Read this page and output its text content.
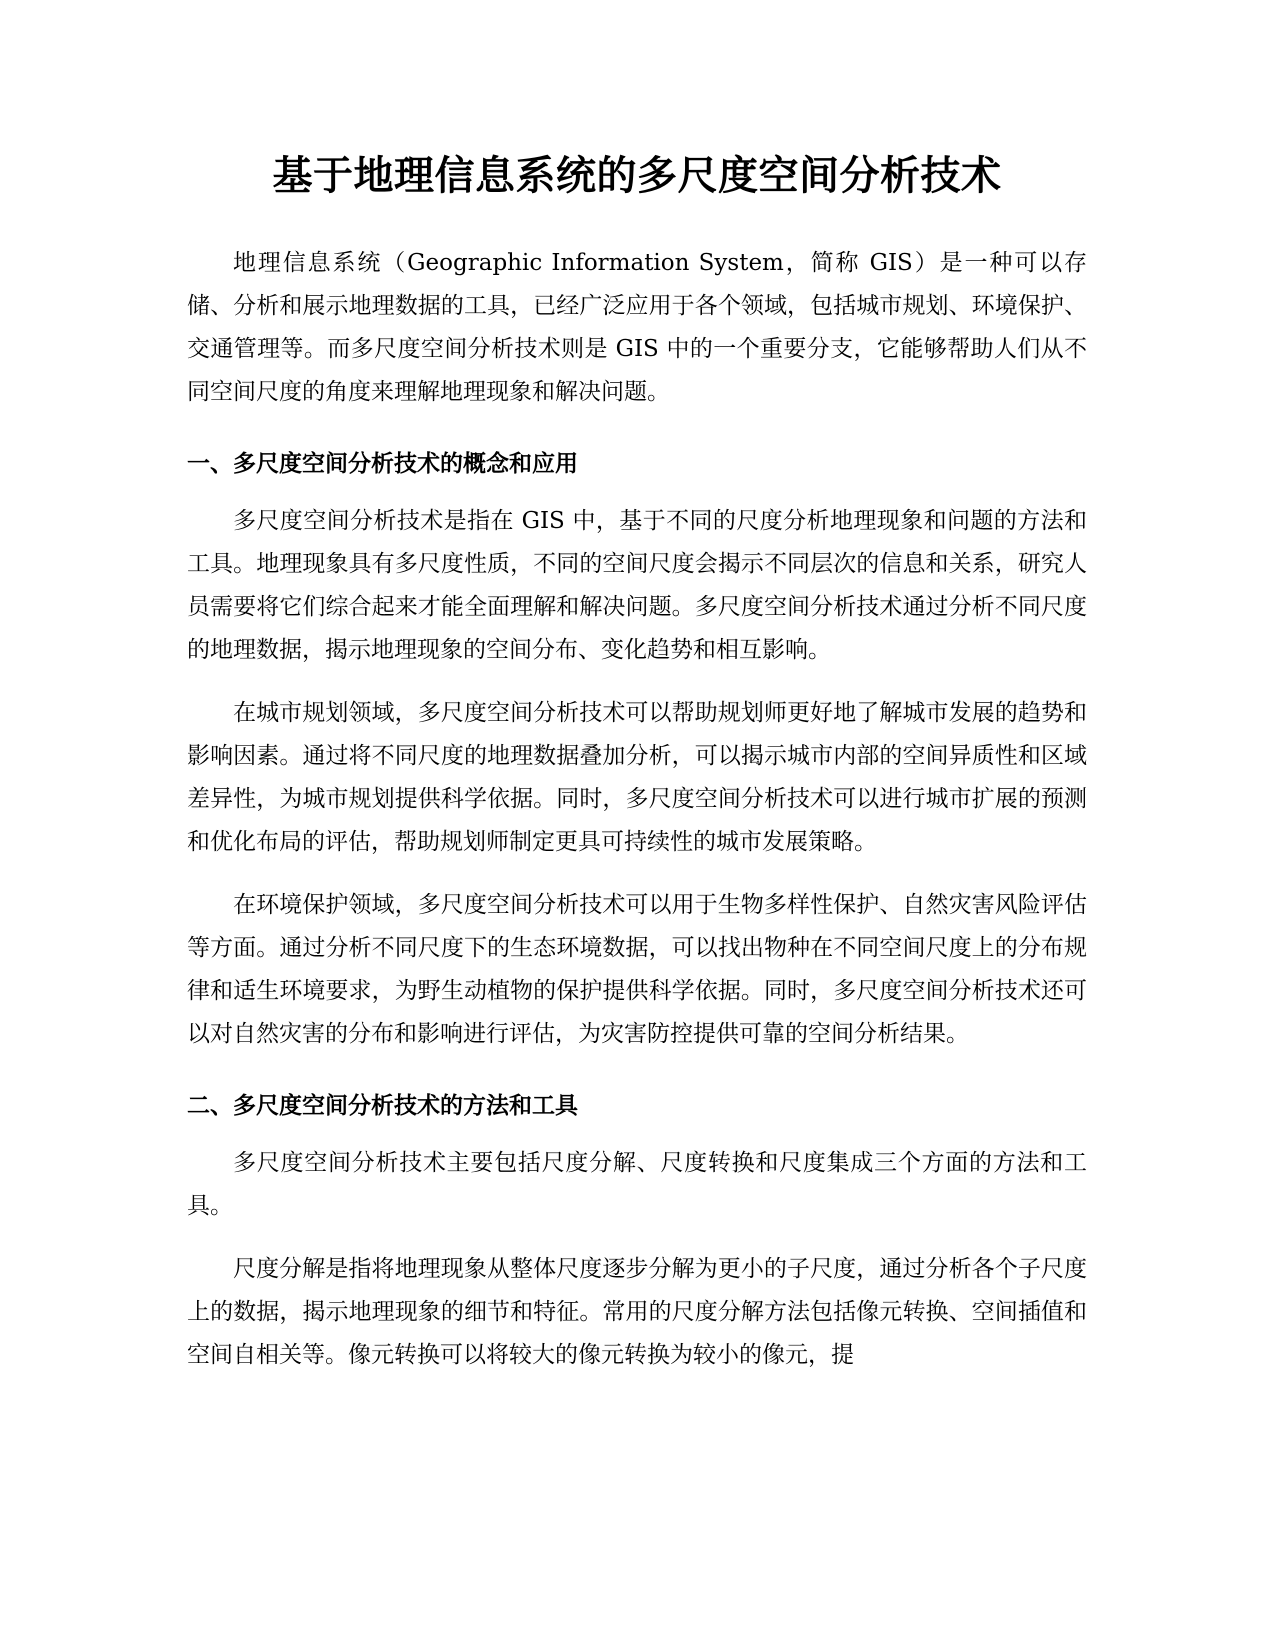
基于地理信息系统的多尺度空间分析技术

地理信息系统（Geographic Information System，简称 GIS）是一种可以存储、分析和展示地理数据的工具，已经广泛应用于各个领域，包括城市规划、环境保护、交通管理等。而多尺度空间分析技术则是 GIS 中的一个重要分支，它能够帮助人们从不同空间尺度的角度来理解地理现象和解决问题。

一、多尺度空间分析技术的概念和应用

多尺度空间分析技术是指在 GIS 中，基于不同的尺度分析地理现象和问题的方法和工具。地理现象具有多尺度性质，不同的空间尺度会揭示不同层次的信息和关系，研究人员需要将它们综合起来才能全面理解和解决问题。多尺度空间分析技术通过分析不同尺度的地理数据，揭示地理现象的空间分布、变化趋势和相互影响。

在城市规划领域，多尺度空间分析技术可以帮助规划师更好地了解城市发展的趋势和影响因素。通过将不同尺度的地理数据叠加分析，可以揭示城市内部的空间异质性和区域差异性，为城市规划提供科学依据。同时，多尺度空间分析技术可以进行城市扩展的预测和优化布局的评估，帮助规划师制定更具可持续性的城市发展策略。

在环境保护领域，多尺度空间分析技术可以用于生物多样性保护、自然灾害风险评估等方面。通过分析不同尺度下的生态环境数据，可以找出物种在不同空间尺度上的分布规律和适生环境要求，为野生动植物的保护提供科学依据。同时，多尺度空间分析技术还可以对自然灾害的分布和影响进行评估，为灾害防控提供可靠的空间分析结果。

二、多尺度空间分析技术的方法和工具

多尺度空间分析技术主要包括尺度分解、尺度转换和尺度集成三个方面的方法和工具。

尺度分解是指将地理现象从整体尺度逐步分解为更小的子尺度，通过分析各个子尺度上的数据，揭示地理现象的细节和特征。常用的尺度分解方法包括像元转换、空间插值和空间自相关等。像元转换可以将较大的像元转换为较小的像元，提
